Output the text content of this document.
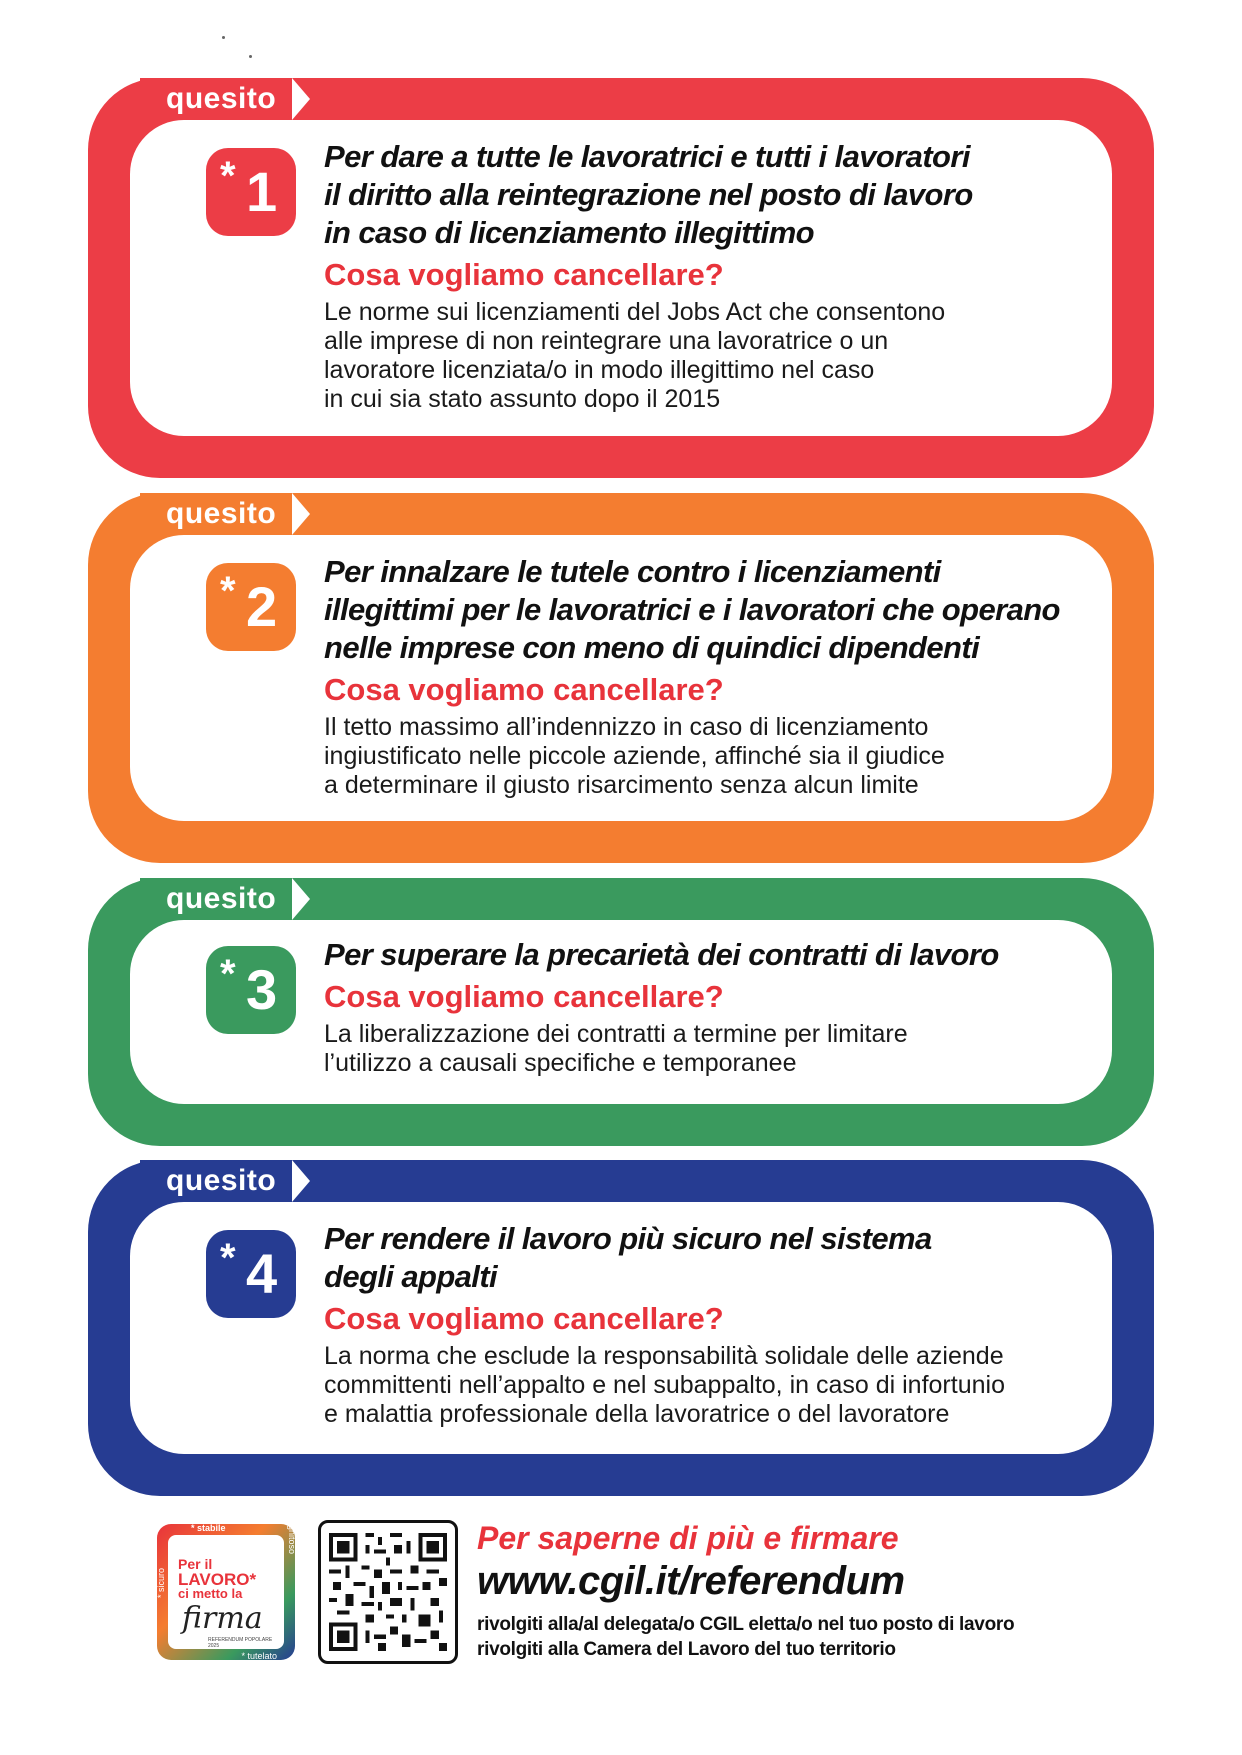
quesito
* 1
Per dare a tutte le lavoratrici e tutti i lavoratori
il diritto alla reintegrazione nel posto di lavoro
in caso di licenziamento illegittimo
Cosa vogliamo cancellare?
Le norme sui licenziamenti del Jobs Act che consentono
alle imprese di non reintegrare una lavoratrice o un
lavoratore licenziata/o in modo illegittimo nel caso
in cui sia stato assunto dopo il 2015
quesito
* 2
Per innalzare le tutele contro i licenziamenti
illegittimi per le lavoratrici e i lavoratori che operano
nelle imprese con meno di quindici dipendenti
Cosa vogliamo cancellare?
Il tetto massimo all’indennizzo in caso di licenziamento
ingiustificato nelle piccole aziende, affinché sia il giudice
a determinare il giusto risarcimento senza alcun limite
quesito
* 3
Per superare la precarietà dei contratti di lavoro
Cosa vogliamo cancellare?
La liberalizzazione dei contratti a termine per limitare
l’utilizzo a causali specifiche e temporanee
quesito
* 4
Per rendere il lavoro più sicuro nel sistema
degli appalti
Cosa vogliamo cancellare?
La norma che esclude la responsabilità solidale delle aziende
committenti nell’appalto e nel subappalto, in caso di infortunio
e malattia professionale della lavoratrice o del lavoratore
* stabile
* sicuro
* dignitoso
* tutelato
Per il
LAVORO*
ci metto la
firma
REFERENDUM POPOLARE 2025
Per saperne di più e firmare
www.cgil.it/referendum
rivolgiti alla/al delegata/o CGIL eletta/o nel tuo posto di lavoro
rivolgiti alla Camera del Lavoro del tuo territorio
